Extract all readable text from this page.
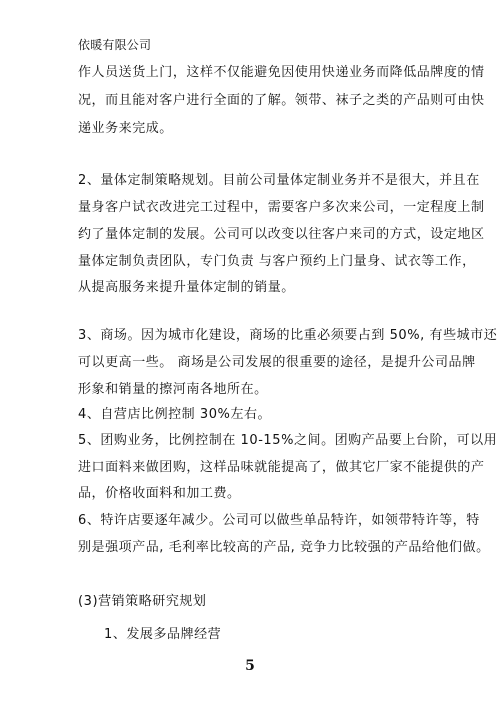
依暖有限公司
作人员送货上门，这样不仅能避免因使用快递业务而降低品牌度的情
况，而且能对客户进行全面的了解。领带、袜子之类的产品则可由快
递业务来完成。
2、量体定制策略规划。目前公司量体定制业务并不是很大，并且在
量身客户试衣改进完工过程中，需要客户多次来公司，一定程度上制
约了量体定制的发展。公司可以改变以往客户来司的方式，设定地区
量体定制负责团队，专门负责 与客户预约上门量身、试衣等工作，
从提高服务来提升量体定制的销量。
3、商场。因为城市化建设，商场的比重必须要占到 50%, 有些城市还
可以更高一些。 商场是公司发展的很重要的途径，是提升公司品牌
形象和销量的擦河南各地所在。
4、自营店比例控制 30%左右。
5、团购业务，比例控制在 10-15%之间。团购产品要上台阶，可以用
进口面料来做团购，这样品味就能提高了，做其它厂家不能提供的产
品，价格收面料和加工费。
6、特许店要逐年减少。公司可以做些单品特许，如领带特许等，特
别是强项产品, 毛利率比较高的产品, 竞争力比较强的产品给他们做。
(3)营销策略研究规划
1、发展多品牌经营
5
